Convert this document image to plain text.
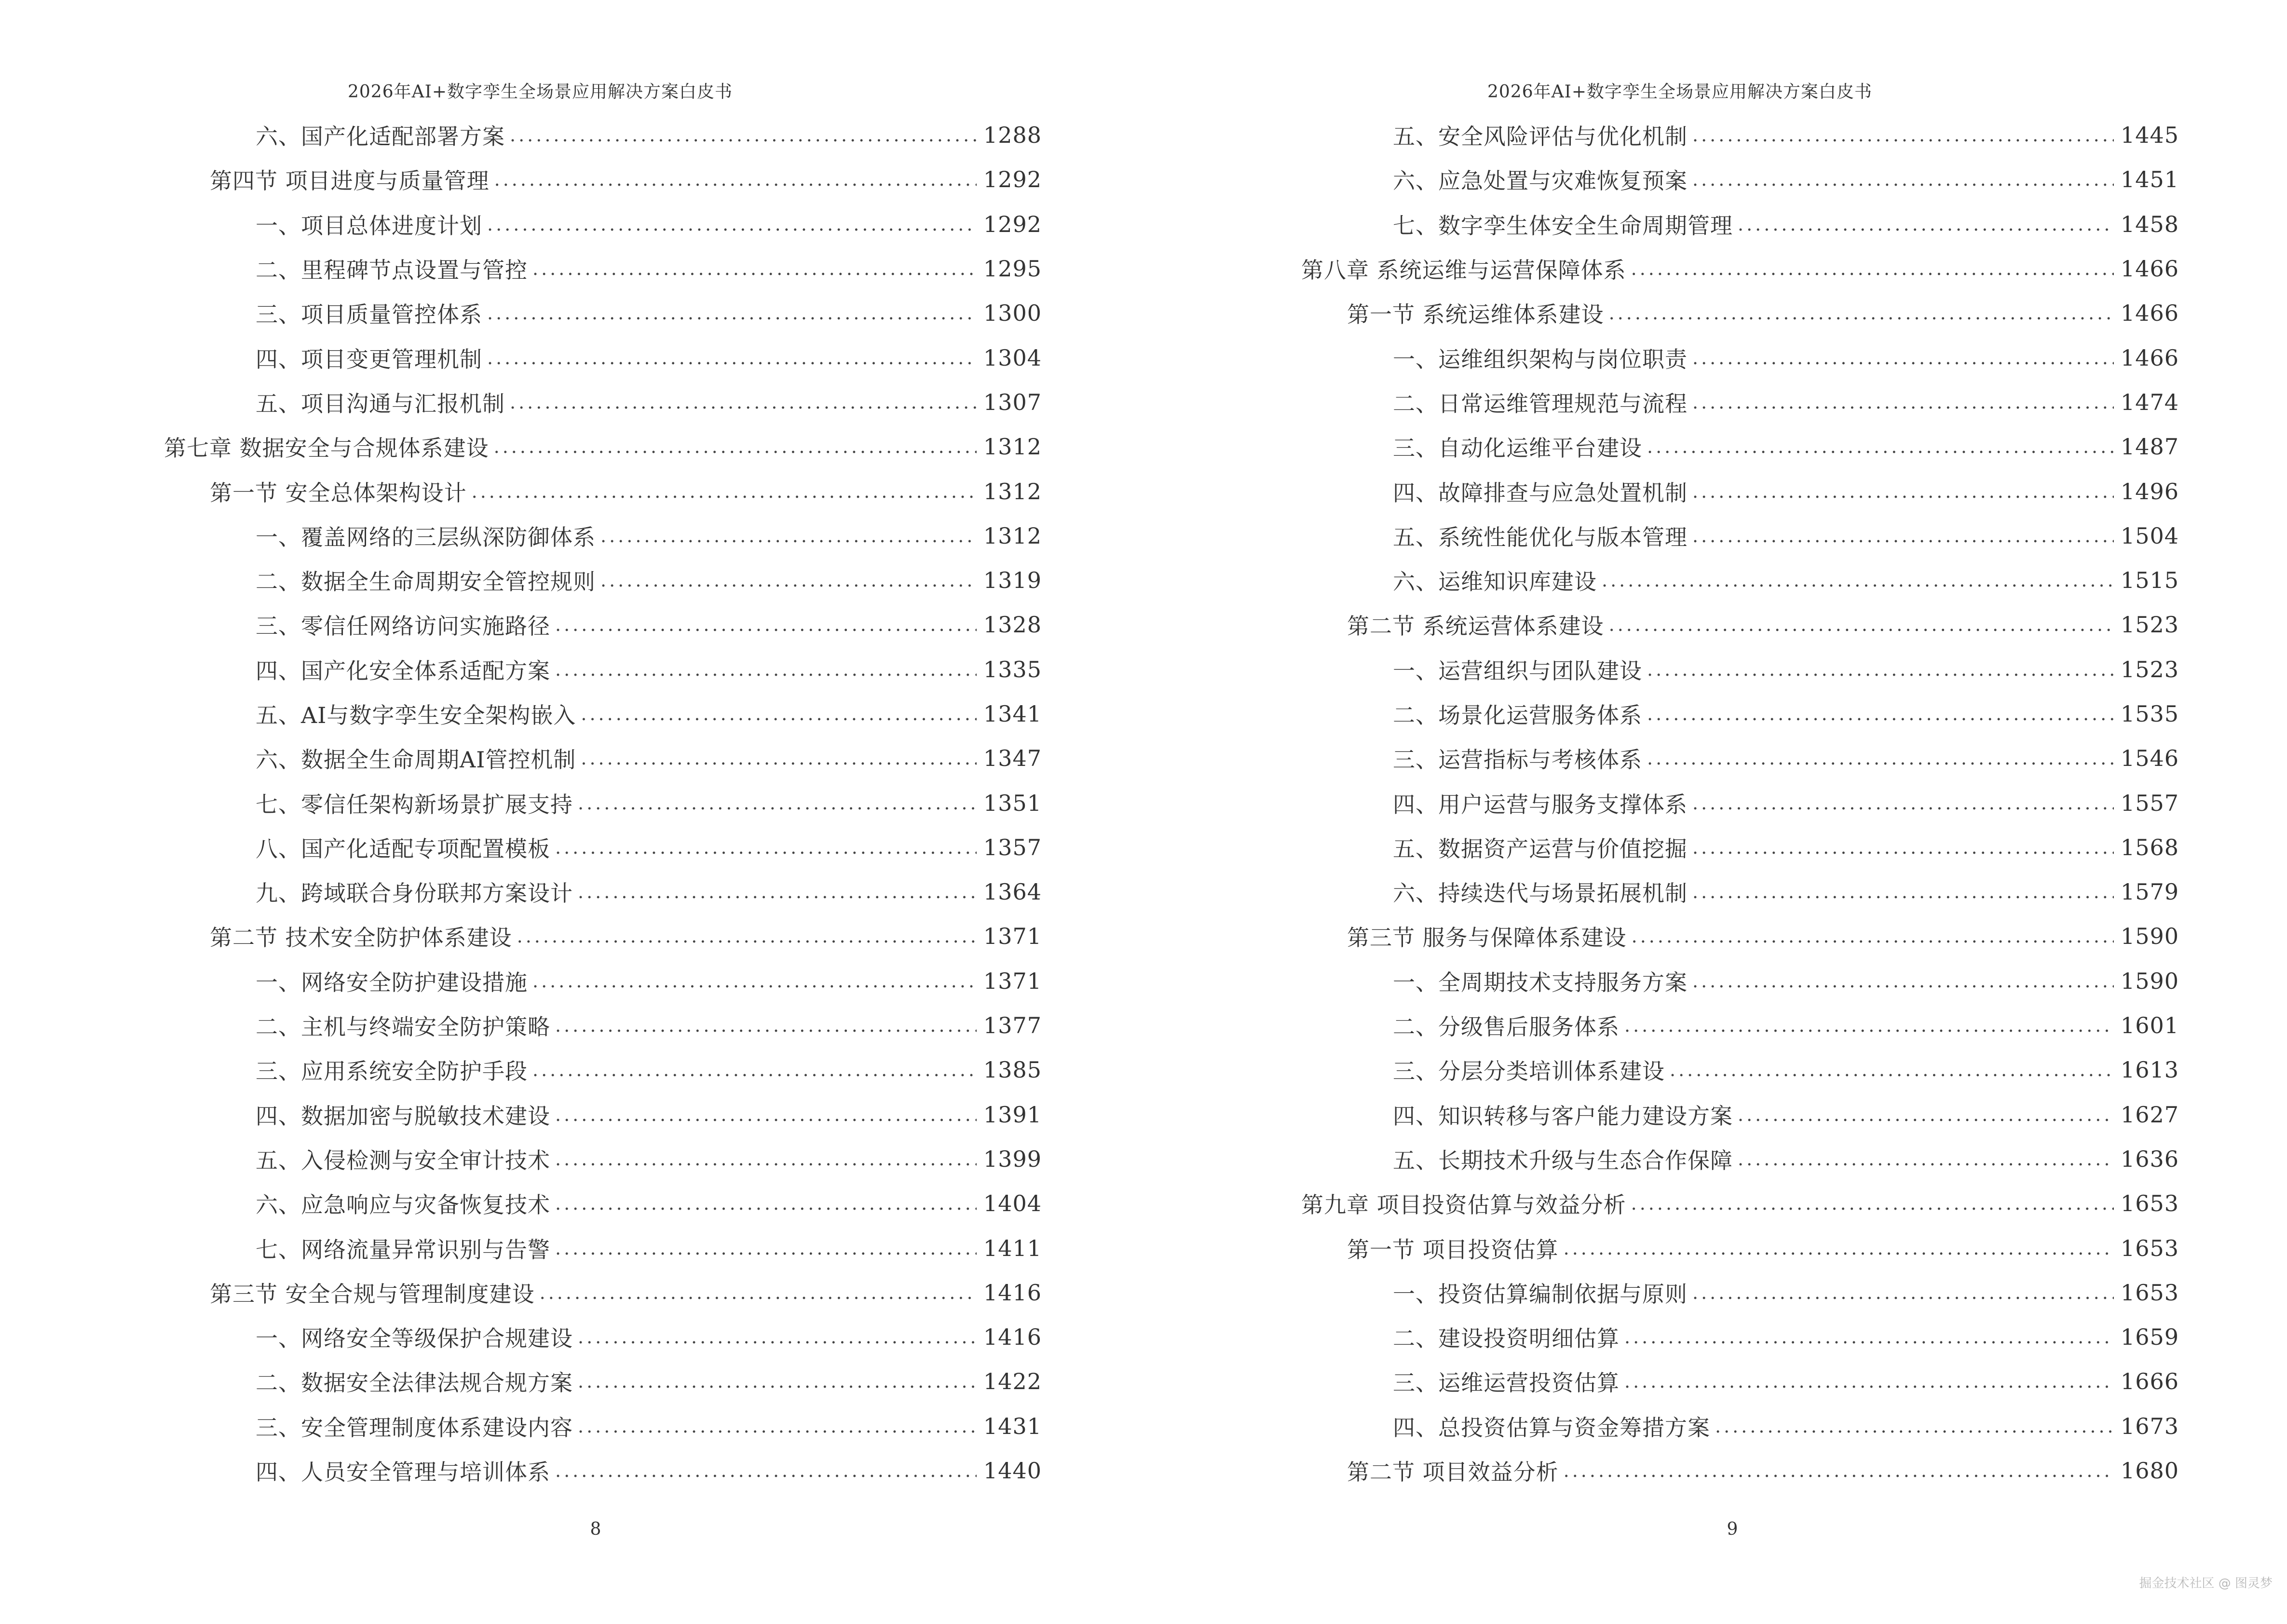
2026年AI+数字孪生全场景应用解决方案白皮书
六、国产化适配部署方案 .....	1288
第四节 项目进度与质量管理 .....	1292
一、项目总体进度计划 .....	1292
二、里程碑节点设置与管控 .....	1295
三、项目质量管控体系 .....	1300
四、项目变更管理机制 .....	1304
五、项目沟通与汇报机制 .....	1307
第七章 数据安全与合规体系建设 .....	1312
第一节 安全总体架构设计 .....	1312
一、覆盖网络的三层纵深防御体系 .....	1312
二、数据全生命周期安全管控规则 .....	1319
三、零信任网络访问实施路径 .....	1328
四、国产化安全体系适配方案 .....	1335
五、AI与数字孪生安全架构嵌入 .....	1341
六、数据全生命周期AI管控机制 .....	1347
七、零信任架构新场景扩展支持 .....	1351
八、国产化适配专项配置模板 .....	1357
九、跨域联合身份联邦方案设计 .....	1364
第二节 技术安全防护体系建设 .....	1371
一、网络安全防护建设措施 .....	1371
二、主机与终端安全防护策略 .....	1377
三、应用系统安全防护手段 .....	1385
四、数据加密与脱敏技术建设 .....	1391
五、入侵检测与安全审计技术 .....	1399
六、应急响应与灾备恢复技术 .....	1404
七、网络流量异常识别与告警 .....	1411
第三节 安全合规与管理制度建设 .....	1416
一、网络安全等级保护合规建设 .....	1416
二、数据安全法律法规合规方案 .....	1422
三、安全管理制度体系建设内容 .....	1431
四、人员安全管理与培训体系 .....	1440
8
2026年AI+数字孪生全场景应用解决方案白皮书
五、安全风险评估与优化机制 .....	1445
六、应急处置与灾难恢复预案 .....	1451
七、数字孪生体安全生命周期管理 .....	1458
第八章 系统运维与运营保障体系 .....	1466
第一节 系统运维体系建设 .....	1466
一、运维组织架构与岗位职责 .....	1466
二、日常运维管理规范与流程 .....	1474
三、自动化运维平台建设 .....	1487
四、故障排查与应急处置机制 .....	1496
五、系统性能优化与版本管理 .....	1504
六、运维知识库建设 .....	1515
第二节 系统运营体系建设 .....	1523
一、运营组织与团队建设 .....	1523
二、场景化运营服务体系 .....	1535
三、运营指标与考核体系 .....	1546
四、用户运营与服务支撑体系 .....	1557
五、数据资产运营与价值挖掘 .....	1568
六、持续迭代与场景拓展机制 .....	1579
第三节 服务与保障体系建设 .....	1590
一、全周期技术支持服务方案 .....	1590
二、分级售后服务体系 .....	1601
三、分层分类培训体系建设 .....	1613
四、知识转移与客户能力建设方案 .....	1627
五、长期技术升级与生态合作保障 .....	1636
第九章 项目投资估算与效益分析 .....	1653
第一节 项目投资估算 .....	1653
一、投资估算编制依据与原则 .....	1653
二、建设投资明细估算 .....	1659
三、运维运营投资估算 .....	1666
四、总投资估算与资金筹措方案 .....	1673
第二节 项目效益分析 .....	1680
9
掘金技术社区 @ 图灵梦
